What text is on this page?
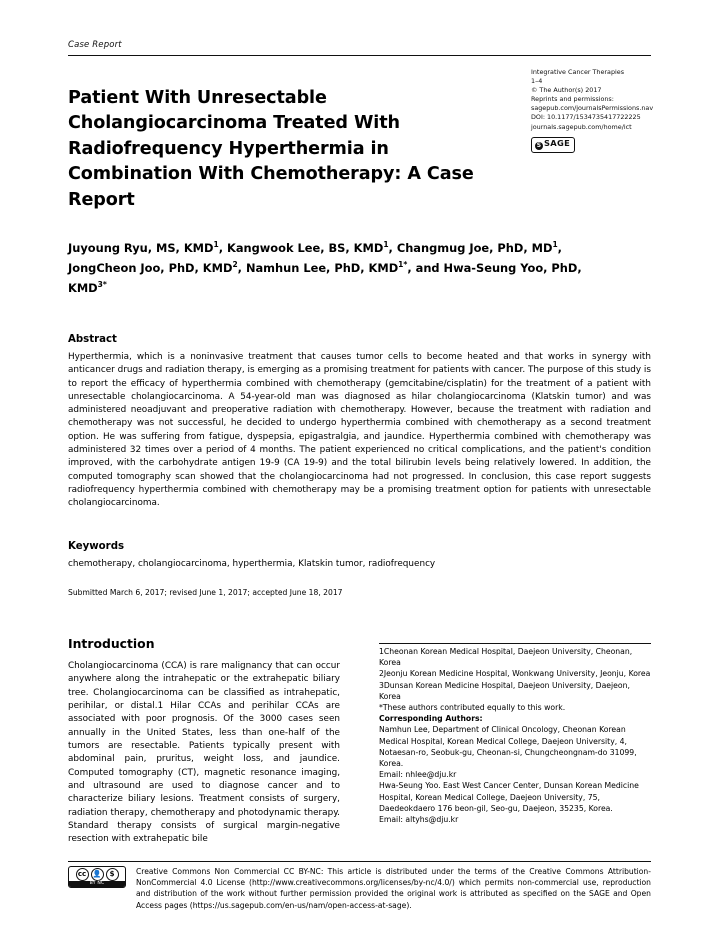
Case Report
Integrative Cancer Therapies
1–4
© The Author(s) 2017
Reprints and permissions:
sagepub.com/journalsPermissions.nav
DOI: 10.1177/1534735417722225
journals.sagepub.com/home/ict
S SAGE
Patient With Unresectable Cholangiocarcinoma Treated With Radiofrequency Hyperthermia in Combination With Chemotherapy: A Case Report
Juyoung Ryu, MS, KMD$^1$, Kangwook Lee, BS, KMD$^1$, Changmug Joe, PhD, $MD^1$, JongCheon Joo, PhD, KMD$^2$, Namhun Lee, PhD, $KMD^{1*}$, and Hwa-Seung Yoo, PhD, $KMD^{3*}$
Abstract
Hyperthermia, which is a noninvasive treatment that causes tumor cells to become heated and that works in synergy with anticancer drugs and radiation therapy, is emerging as a promising treatment for patients with cancer. The purpose of this study is to report the efficacy of hyperthermia combined with chemotherapy (gemcitabine/cisplatin) for the treatment of a patient with unresectable cholangiocarcinoma. A 54-year-old man was diagnosed as hilar cholangiocarcinoma (Klatskin tumor) and was administered neoadjuvant and preoperative radiation with chemotherapy. However, because the treatment with radiation and chemotherapy was not successful, he decided to undergo hyperthermia combined with chemotherapy as a second treatment option. He was suffering from fatigue, dyspepsia, epigastralgia, and jaundice. Hyperthermia combined with chemotherapy was administered 32 times over a period of 4 months. The patient experienced no critical complications, and the patient's condition improved, with the carbohydrate antigen 19-9 (CA 19-9) and the total bilirubin levels being relatively lowered. In addition, the computed tomography scan showed that the cholangiocarcinoma had not progressed. In conclusion, this case report suggests radiofrequency hyperthermia combined with chemotherapy may be a promising treatment option for patients with unresectable cholangiocarcinoma.
Keywords
chemotherapy, cholangiocarcinoma, hyperthermia, Klatskin tumor, radiofrequency
Submitted March 6, 2017; revised June 1, 2017; accepted June 18, 2017
Introduction
Cholangiocarcinoma (CCA) is rare malignancy that can occur anywhere along the intrahepatic or the extrahepatic biliary tree. Cholangiocarcinoma can be classified as intrahepatic, perihilar, or distal.1 Hilar CCAs and perihilar CCAs are associated with poor prognosis. Of the 3000 cases seen annually in the United States, less than one-half of the tumors are resectable. Patients typically present with abdominal pain, pruritus, weight loss, and jaundice. Computed tomography (CT), magnetic resonance imaging, and ultrasound are used to diagnose cancer and to characterize biliary lesions. Treatment consists of surgery, radiation therapy, chemotherapy and photodynamic therapy. Standard therapy consists of surgical margin-negative resection with extrahepatic bile

1Cheonan Korean Medical Hospital, Daejeon University, Cheonan, Korea

2Jeonju Korean Medicine Hospital, Wonkwang University, Jeonju, Korea

3Dunsan Korean Medicine Hospital, Daejeon University, Daejeon, Korea

*These authors contributed equally to this work.

Corresponding Authors:

Namhun Lee, Department of Clinical Oncology, Cheonan Korean Medical Hospital, Korean Medical College, Daejeon University, 4, Notaesan-ro, Seobuk-gu, Cheonan-si, Chungcheongnam-do 31099, Korea.
Email: nhlee@dju.kr

Hwa-Seung Yoo. East West Cancer Center, Dunsan Korean Medicine Hospital, Korean Medical College, Daejeon University, 75, Daedeokdaero 176 beon-gil, Seo-gu, Daejeon, 35235, Korea.
Email: altyhs@dju.kr

cc 👤	$
BY NC
Creative Commons Non Commercial CC BY-NC: This article is distributed under the terms of the Creative Commons Attribution-NonCommercial 4.0 License (http://www.creativecommons.org/licenses/by-nc/4.0/) which permits non-commercial use, reproduction and distribution of the work without further permission provided the original work is attributed as specified on the SAGE and Open Access pages (https://us.sagepub.com/en-us/nam/open-access-at-sage).
